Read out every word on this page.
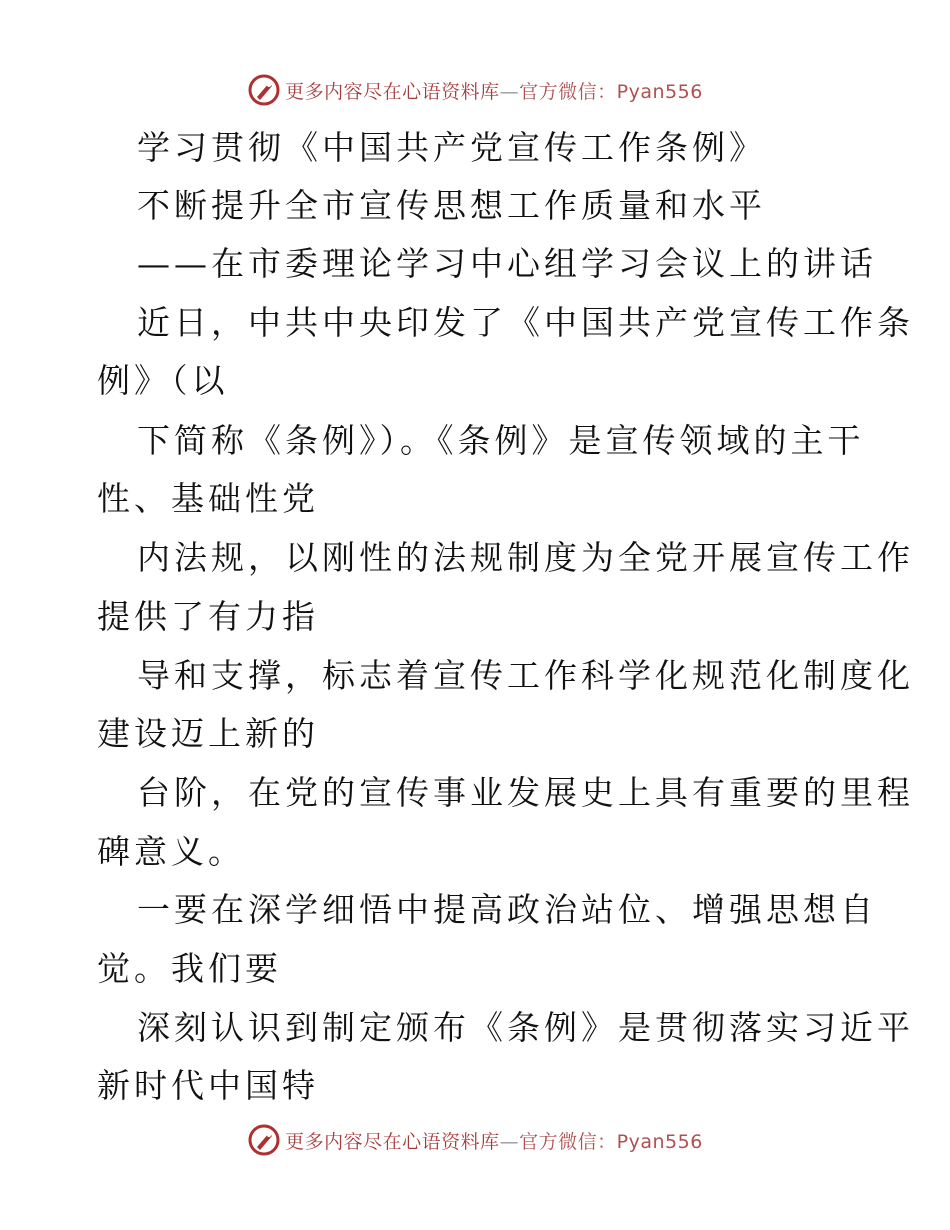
更多内容尽在心语资料库—官方微信：Pyan556
学习贯彻《中国共产党宣传工作条例》
不断提升全市宣传思想工作质量和水平
——在市委理论学习中心组学习会议上的讲话
近日，中共中央印发了《中国共产党宣传工作条
例》（以
下简称《条例》）。《条例》是宣传领域的主干
性、基础性党
内法规，以刚性的法规制度为全党开展宣传工作
提供了有力指
导和支撑，标志着宣传工作科学化规范化制度化
建设迈上新的
台阶，在党的宣传事业发展史上具有重要的里程
碑意义。
一要在深学细悟中提高政治站位、增强思想自
觉。我们要
深刻认识到制定颁布《条例》是贯彻落实习近平
新时代中国特
更多内容尽在心语资料库—官方微信：Pyan556
